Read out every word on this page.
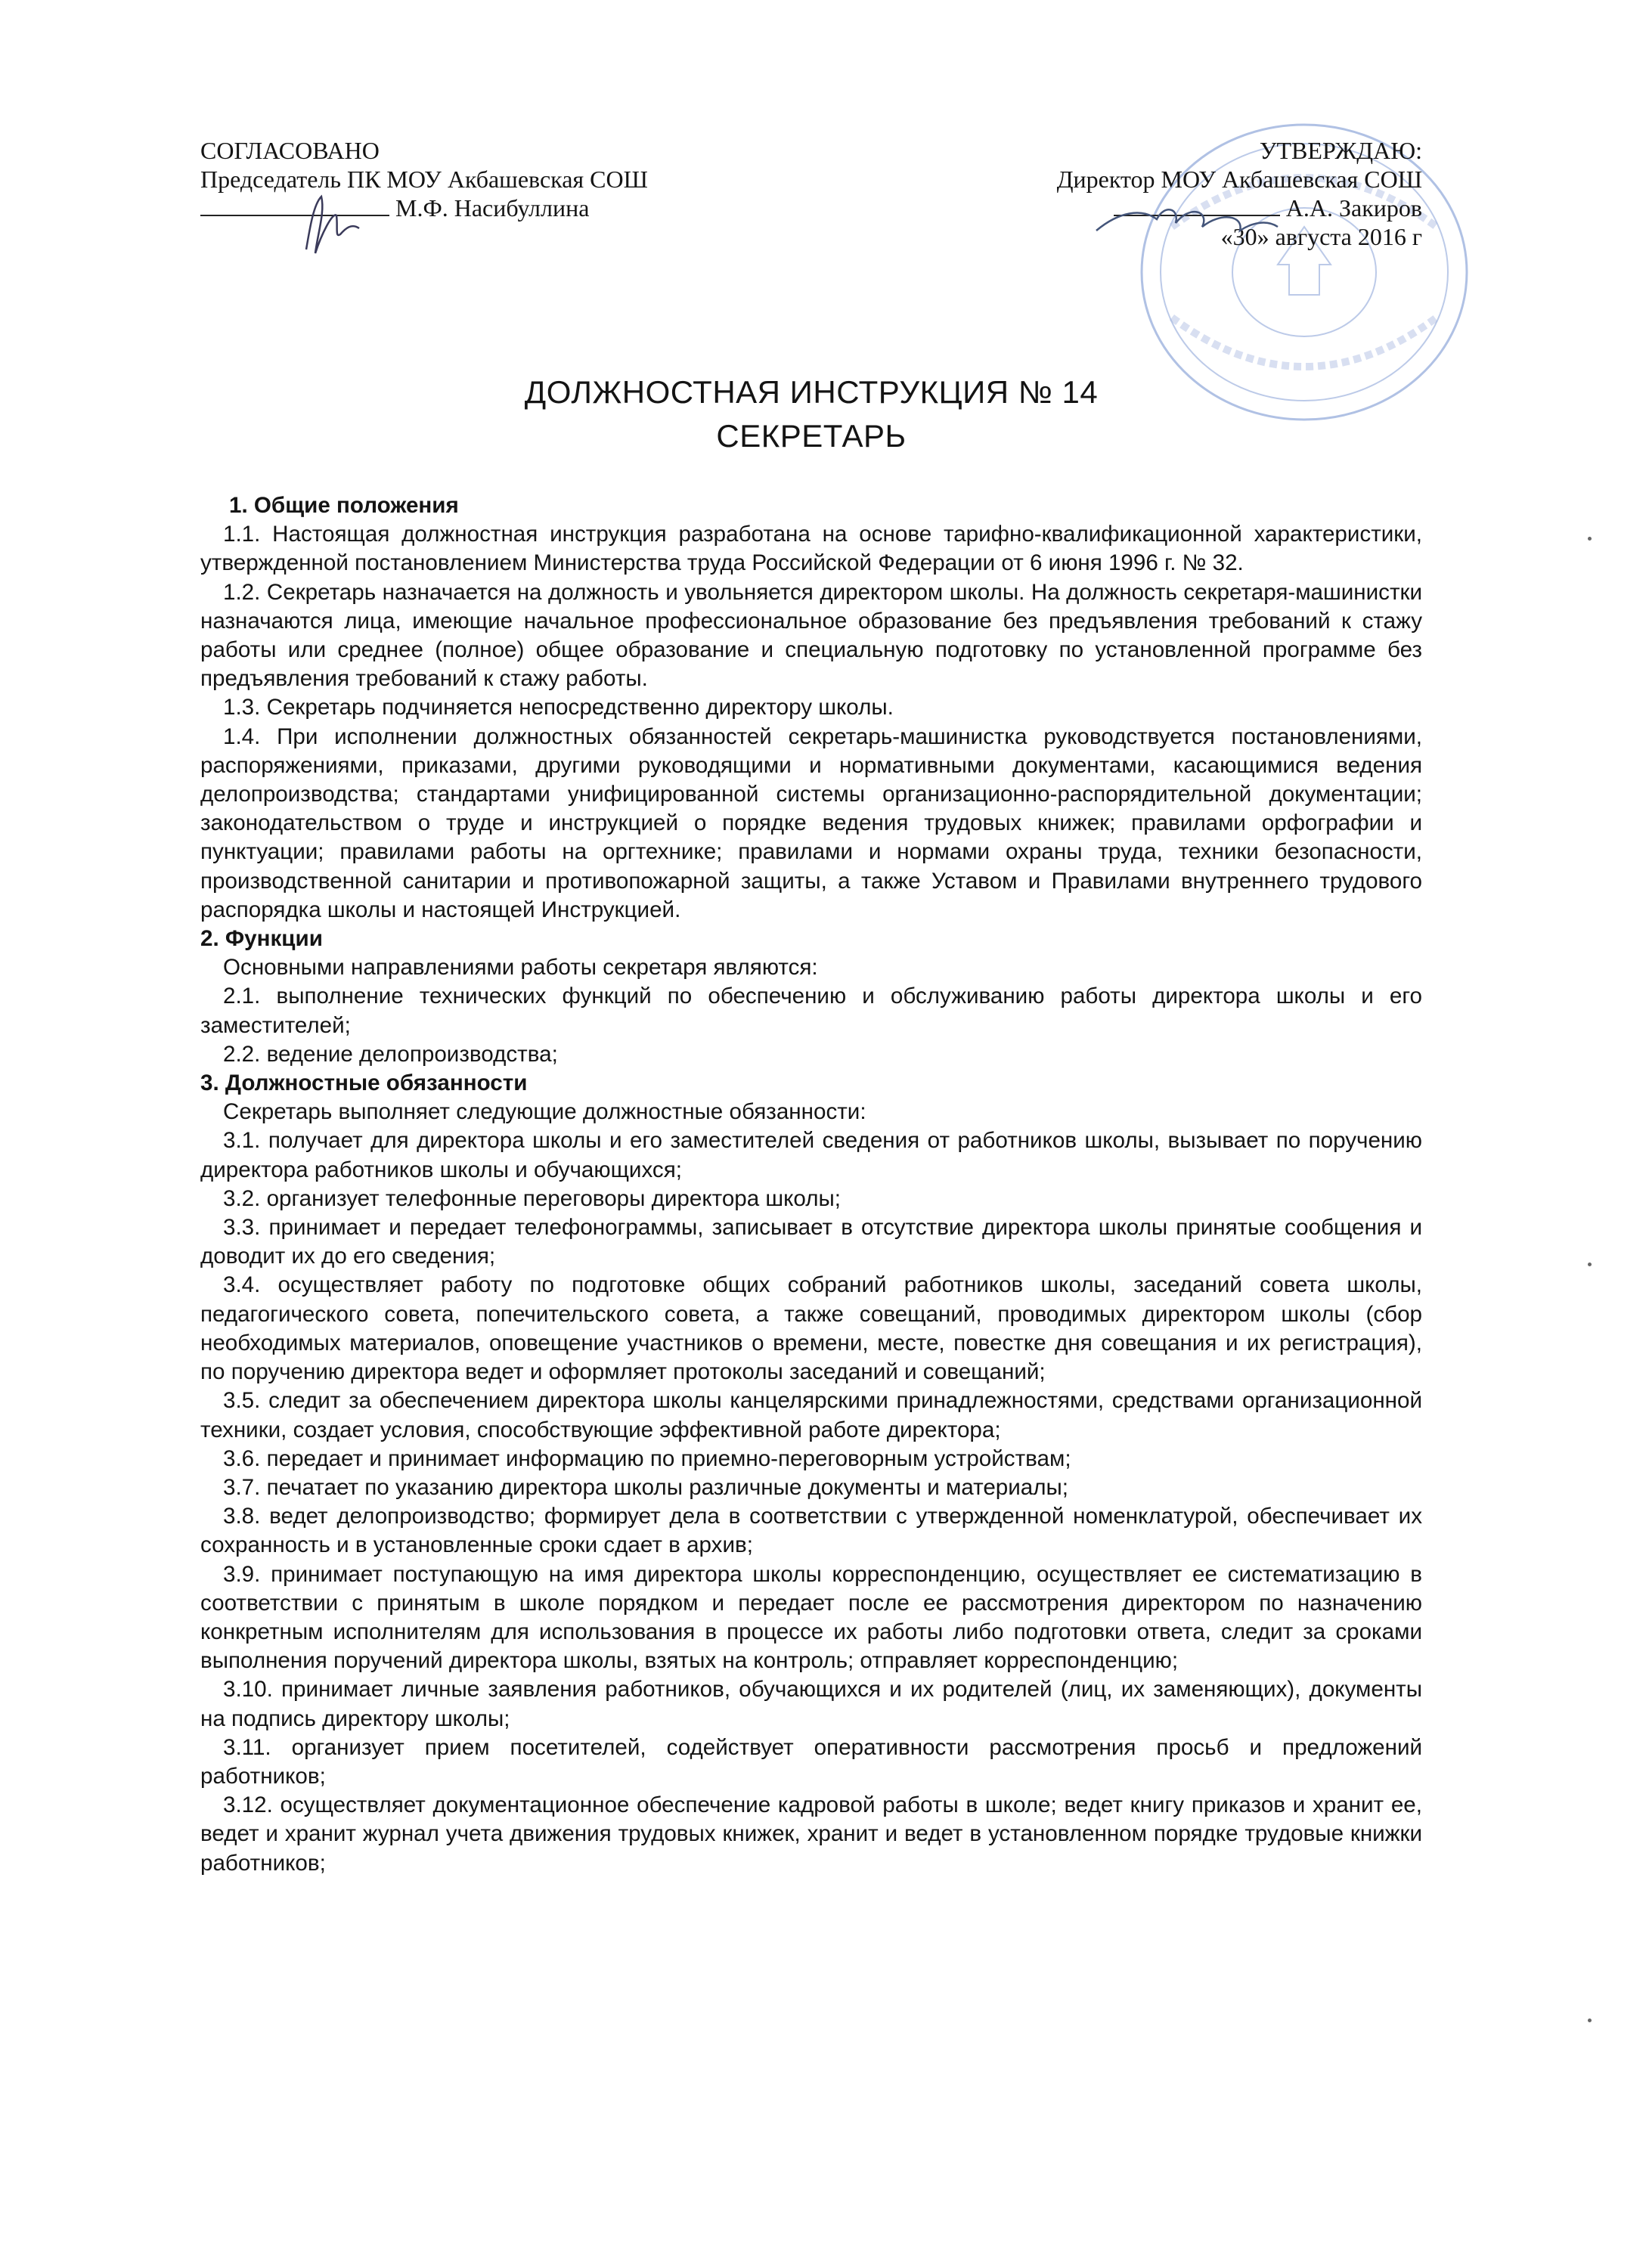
СОГЛАСОВАНО
Председатель ПК МОУ Акбашевская СОШ
М.Ф. Насибуллина
УТВЕРЖДАЮ:
Директор МОУ Акбашевская СОШ
А.А. Закиров
«30» августа 2016 г
ДОЛЖНОСТНАЯ ИНСТРУКЦИЯ № 14
СЕКРЕТАРЬ

1. Общие положения

1.1. Настоящая должностная инструкция разработана на основе тарифно-квалификационной характеристики, утвержденной постановлением Министерства труда Российской Федерации от 6 июня 1996 г. № 32.

1.2. Секретарь назначается на должность и увольняется директором школы. На должность секретаря-машинистки назначаются лица, имеющие начальное профессиональное образование без предъявления требований к стажу работы или среднее (полное) общее образование и специальную подготовку по установленной программе без предъявления требований к стажу работы.

1.3. Секретарь подчиняется непосредственно директору школы.

1.4. При исполнении должностных обязанностей секретарь-машинистка руководствуется постановлениями, распоряжениями, приказами, другими руководящими и нормативными документами, касающимися ведения делопроизводства; стандартами унифицированной системы организационно-распорядительной документации; законодательством о труде и инструкцией о порядке ведения трудовых книжек; правилами орфографии и пунктуации; правилами работы на оргтехнике; правилами и нормами охраны труда, техники безопасности, производственной санитарии и противопожарной защиты, а также Уставом и Правилами внутреннего трудового распорядка школы и настоящей Инструкцией.

2. Функции

Основными направлениями работы секретаря являются:

2.1. выполнение технических функций по обеспечению и обслуживанию работы директора школы и его заместителей;

2.2. ведение делопроизводства;

3. Должностные обязанности

Секретарь выполняет следующие должностные обязанности:

3.1. получает для директора школы и его заместителей сведения от работников школы, вызывает по поручению директора работников школы и обучающихся;

3.2. организует телефонные переговоры директора школы;

3.3. принимает и передает телефонограммы, записывает в отсутствие директора школы принятые сообщения и доводит их до его сведения;

3.4. осуществляет работу по подготовке общих собраний работников школы, заседаний совета школы, педагогического совета, попечительского совета, а также совещаний, проводимых директором школы (сбор необходимых материалов, оповещение участников о времени, месте, повестке дня совещания и их регистрация), по поручению директора ведет и оформляет протоколы заседаний и совещаний;

3.5. следит за обеспечением директора школы канцелярскими принадлежностями, средствами организационной техники, создает условия, способствующие эффективной работе директора;

3.6. передает и принимает информацию по приемно-переговорным устройствам;

3.7. печатает по указанию директора школы различные документы и материалы;

3.8. ведет делопроизводство; формирует дела в соответствии с утвержденной номенклатурой, обеспечивает их сохранность и в установленные сроки сдает в архив;

3.9. принимает поступающую на имя директора школы корреспонденцию, осуществляет ее систематизацию в соответствии с принятым в школе порядком и передает после ее рассмотрения директором по назначению конкретным исполнителям для использования в процессе их работы либо подготовки ответа, следит за сроками выполнения поручений директора школы, взятых на контроль; отправляет корреспонденцию;

3.10. принимает личные заявления работников, обучающихся и их родителей (лиц, их заменяющих), документы на подпись директору школы;

3.11. организует прием посетителей, содействует оперативности рассмотрения просьб и предложений работников;

3.12. осуществляет документационное обеспечение кадровой работы в школе; ведет книгу приказов и хранит ее, ведет и хранит журнал учета движения трудовых книжек, хранит и ведет в установленном порядке трудовые книжки работников;
